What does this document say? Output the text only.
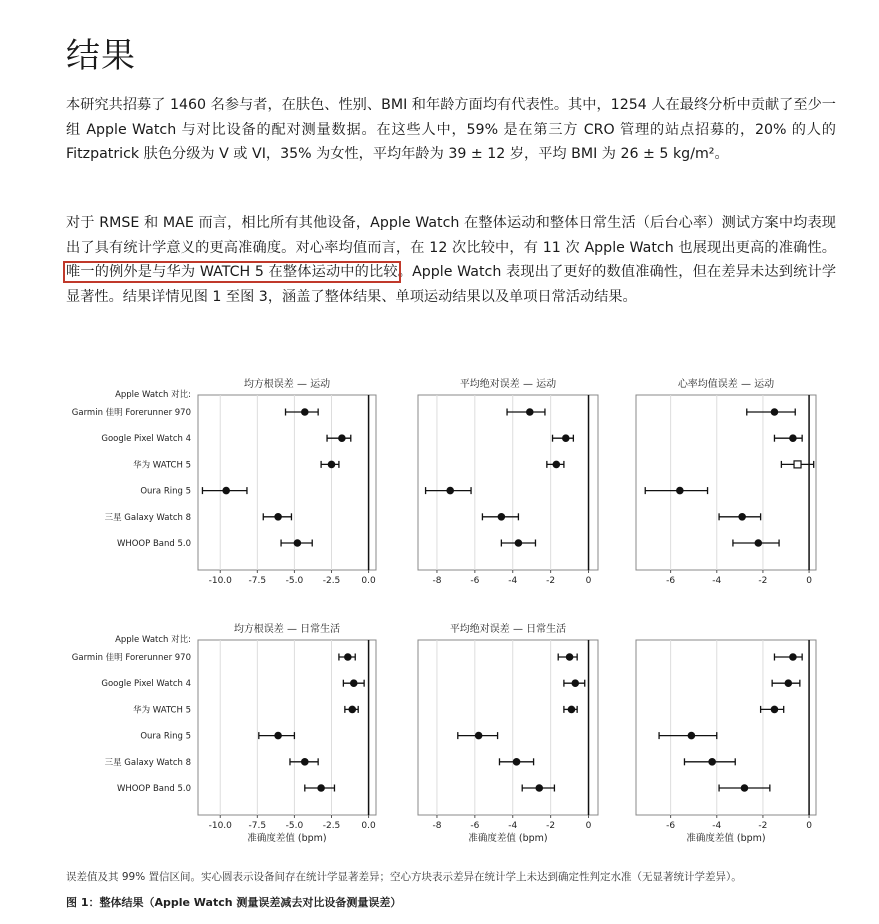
结果

本研究共招募了 1460 名参与者，在肤色、性别、BMI 和年龄方面均有代表性。其中，1254 人在最终分析中贡献了至少一组 Apple Watch 与对比设备的配对测量数据。在这些人中，59% 是在第三方 CRO 管理的站点招募的，20% 的人的 Fitzpatrick 肤色分级为 V 或 VI，35% 为女性，平均年龄为 39 ± 12 岁，平均 BMI 为 26 ± 5 kg/m²。

对于 RMSE 和 MAE 而言，相比所有其他设备，Apple Watch 在整体运动和整体日常生活（后台心率）测试方案中均表现出了具有统计学意义的更高准确度。对心率均值而言，在 12 次比较中，有 11 次 Apple Watch 也展现出更高的准确性。唯一的例外是与华为 WATCH 5 在整体运动中的比较。Apple Watch 表现出了更好的数值准确性，但在差异未达到统计学显著性。结果详情见图 1 至图 3，涵盖了整体结果、单项运动结果以及单项日常活动结果。

均方根误差 — 运动
-10.0 -7.5 -5.0 -2.5 0.0
Apple Watch 对比:
Garmin 佳明 Forerunner 970
Google Pixel Watch 4
华为 WATCH 5
Oura Ring 5
三星 Galaxy Watch 8
WHOOP Band 5.0
平均绝对误差 — 运动
-8	-6	-4	-2	0
心率均值误差 — 运动
-6	-4	-2	0
均方根误差 — 日常生活
-10.0 -7.5 -5.0 -2.5 0.0
准确度差值 (bpm)
Apple Watch 对比:
Garmin 佳明 Forerunner 970
Google Pixel Watch 4
华为 WATCH 5
Oura Ring 5
三星 Galaxy Watch 8
WHOOP Band 5.0
平均绝对误差 — 日常生活
-8	-6	-4	-2	0
准确度差值 (bpm)
-6	-4	-2	0
准确度差值 (bpm)

误差值及其 99% 置信区间。实心圆表示设备间存在统计学显著差异；空心方块表示差异在统计学上未达到确定性判定水准（无显著统计学差异）。

图 1：整体结果（Apple Watch 测量误差减去对比设备测量误差）
